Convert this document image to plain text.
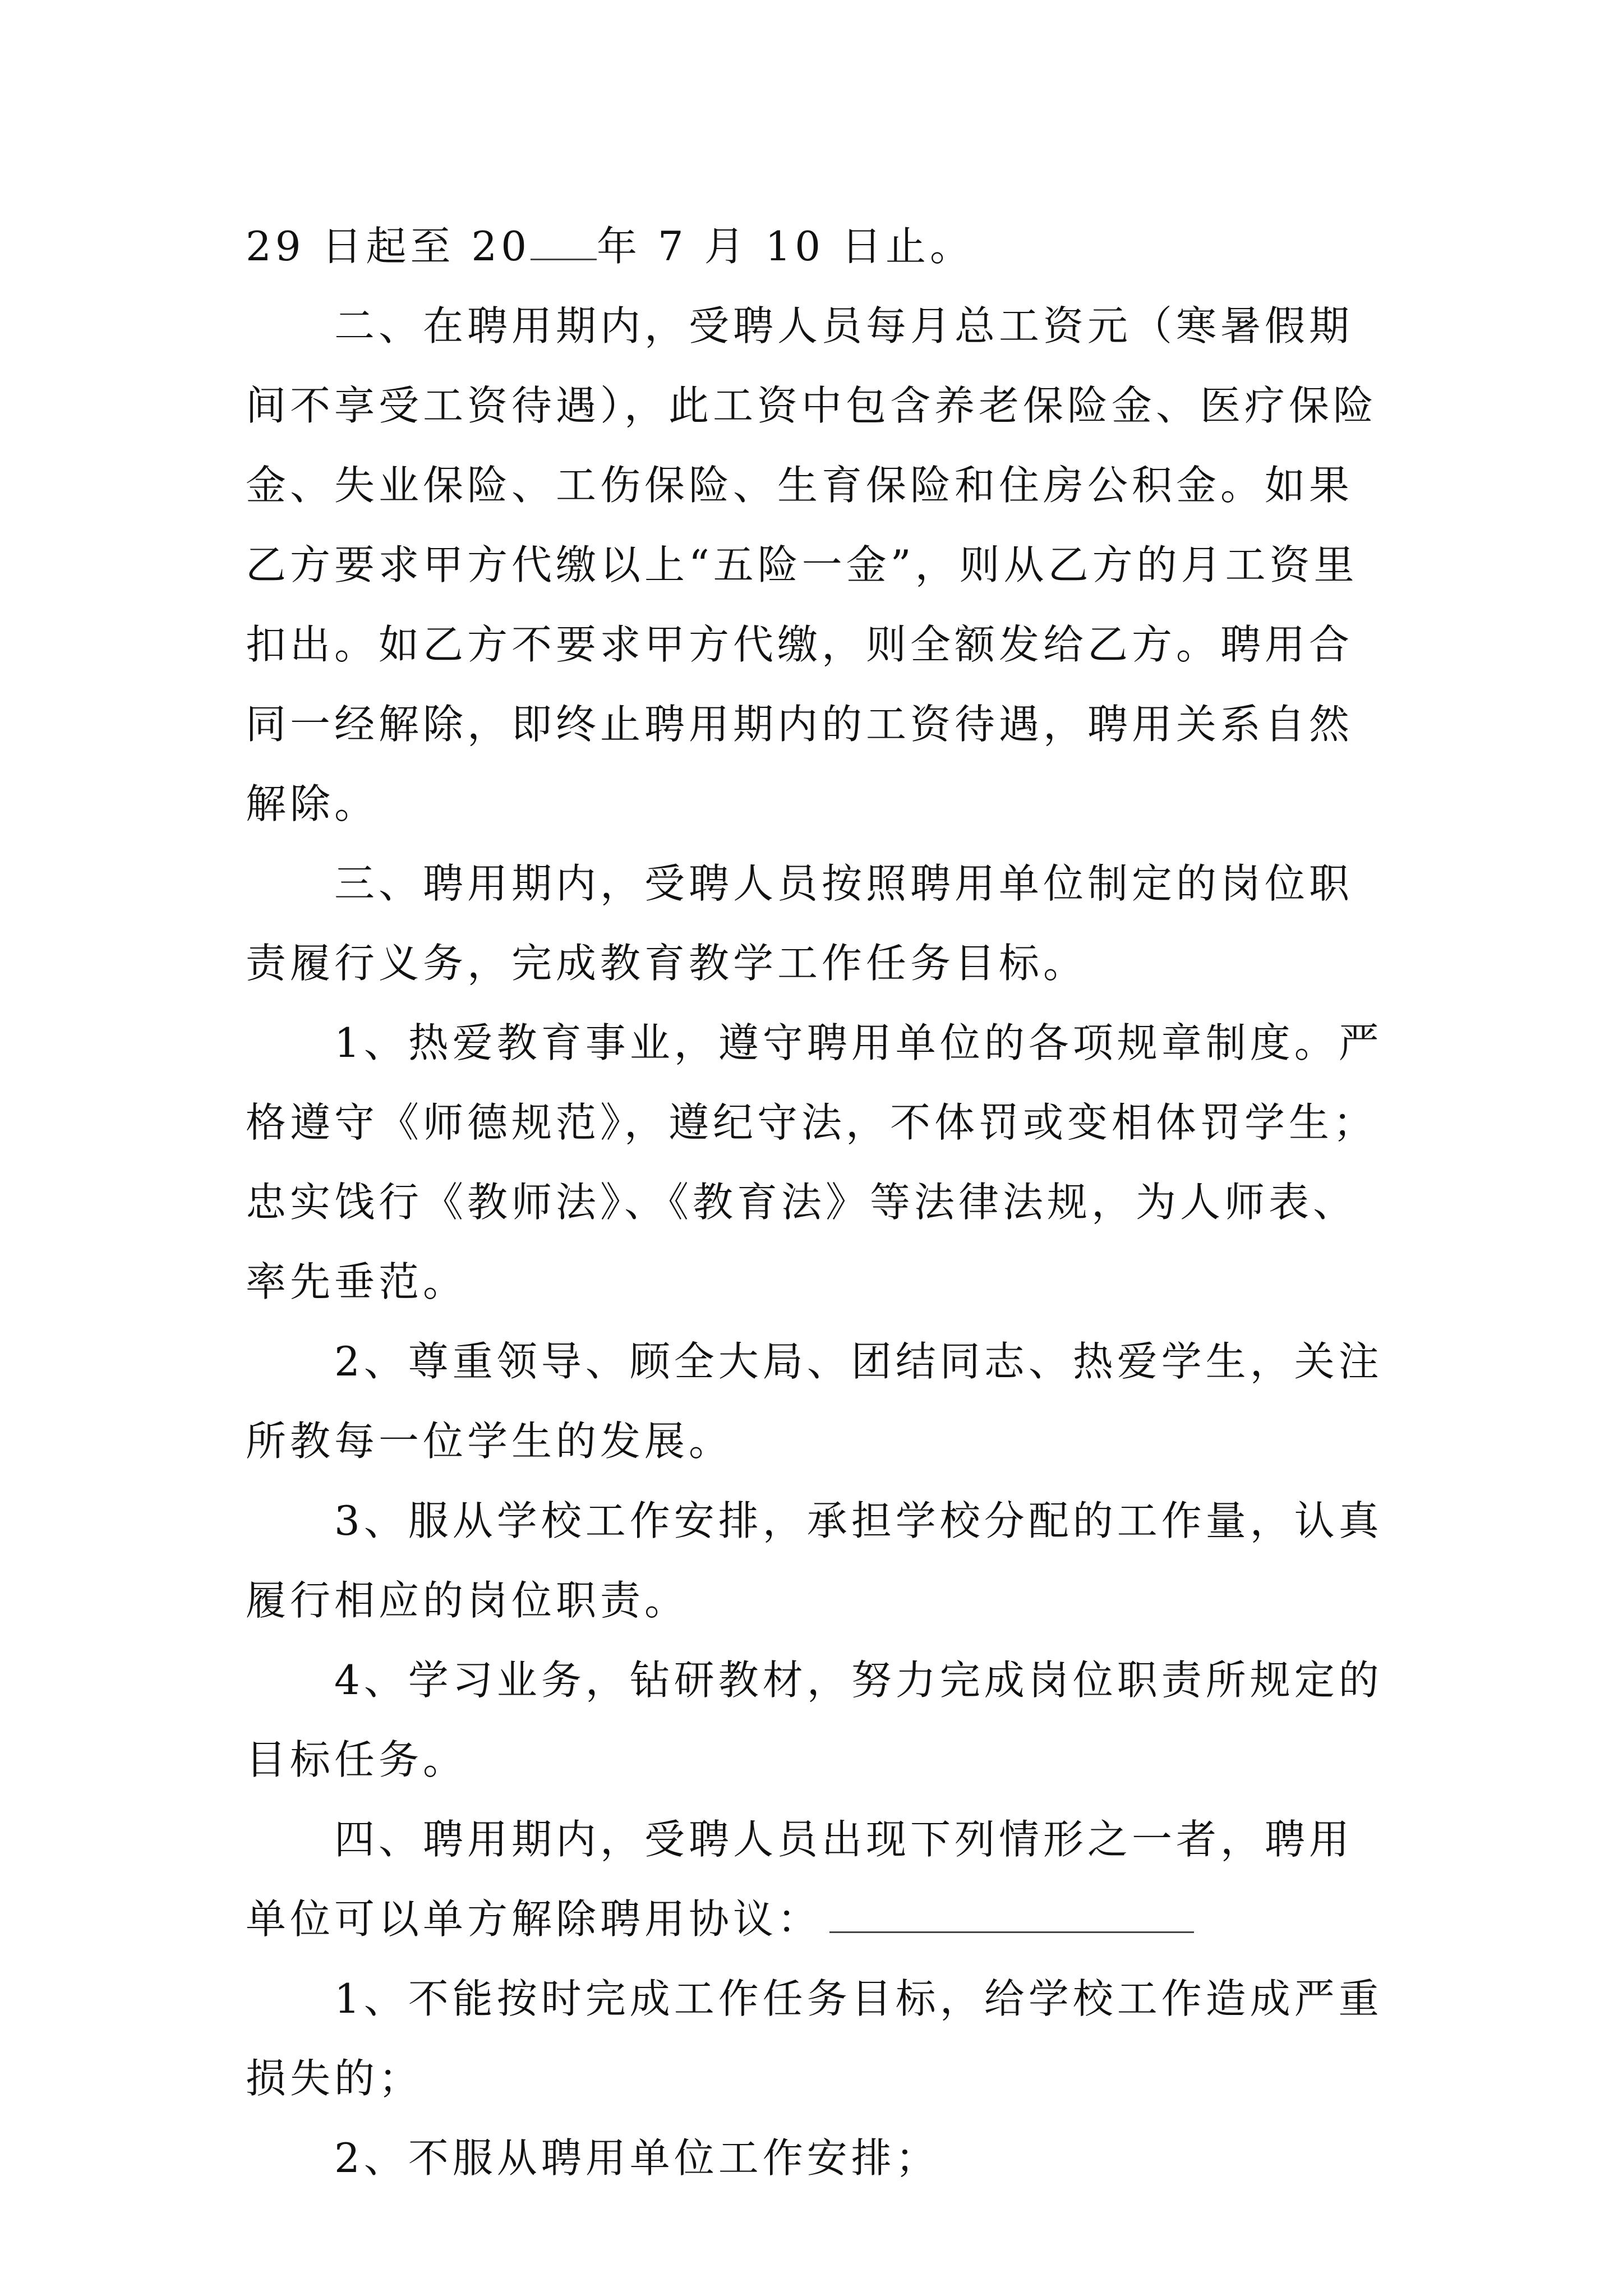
29 日起至 20 年 7 月 10 日止。

二、在聘用期内，受聘人员每月总工资元（寒暑假期间不享受工资待遇），此工资中包含养老保险金、医疗保险金、失业保险、工伤保险、生育保险和住房公积金。如果乙方要求甲方代缴以上“五险一金”，则从乙方的月工资里扣出。如乙方不要求甲方代缴，则全额发给乙方。聘用合同一经解除，即终止聘用期内的工资待遇，聘用关系自然解除。

三、聘用期内，受聘人员按照聘用单位制定的岗位职责履行义务，完成教育教学工作任务目标。

1、热爱教育事业，遵守聘用单位的各项规章制度。严格遵守《师德规范》，遵纪守法，不体罚或变相体罚学生；忠实饯行《教师法》、《教育法》等法律法规，为人师表、率先垂范。

2、尊重领导、顾全大局、团结同志、热爱学生，关注所教每一位学生的发展。

3、服从学校工作安排，承担学校分配的工作量，认真履行相应的岗位职责。

4、学习业务，钻研教材，努力完成岗位职责所规定的目标任务。

四、聘用期内，受聘人员出现下列情形之一者，聘用单位可以单方解除聘用协议：

1、不能按时完成工作任务目标，给学校工作造成严重损失的；

2、不服从聘用单位工作安排；
